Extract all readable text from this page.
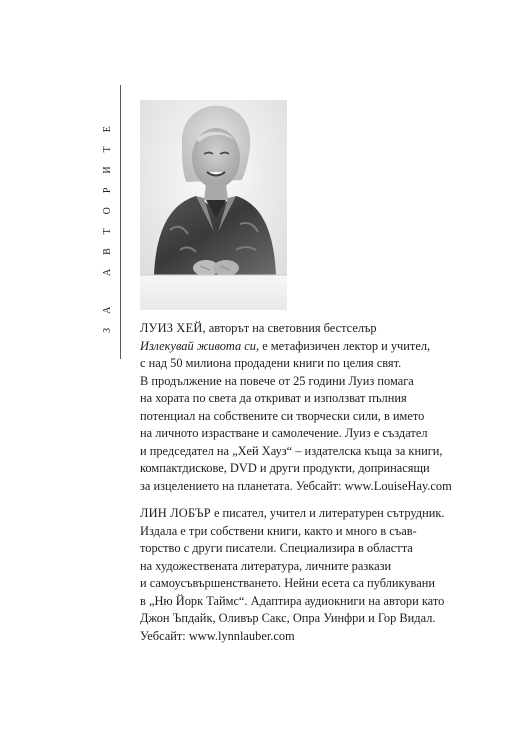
ЗА АВТОРИТЕ ЛУИЗ ХЕЙ, авторът на световния бестселър
Излекувай живота си, е метафизичен лектор и учител,
с над 50 милиона продадени книги по целия свят.
В продължение на повече от 25 години Луиз помага
на хората по света да откриват и използват пълния
потенциал на собствените си творчески сили, в името
на личното израстване и самолечение. Луиз е създател
и председател на „Хей Хауз“ – издателска къща за книги,
компактдискове, DVD и други продукти, допринасящи
за изцелението на планетата. Уебсайт: www.LouiseHay.com
ЛИН ЛОБЪР е писател, учител и литературен сътрудник.
Издала е три собствени книги, както и много в съав-
торство с други писатели. Специализира в областта
на художествената литература, личните разкази
и самоусъвършенстването. Нейни есета са публикувани
в „Ню Йорк Таймс“. Адаптира аудиокниги на автори като
Джон Ъпдайк, Оливър Сакс, Опра Уинфри и Гор Видал.
Уебсайт: www.lynnlauber.com
